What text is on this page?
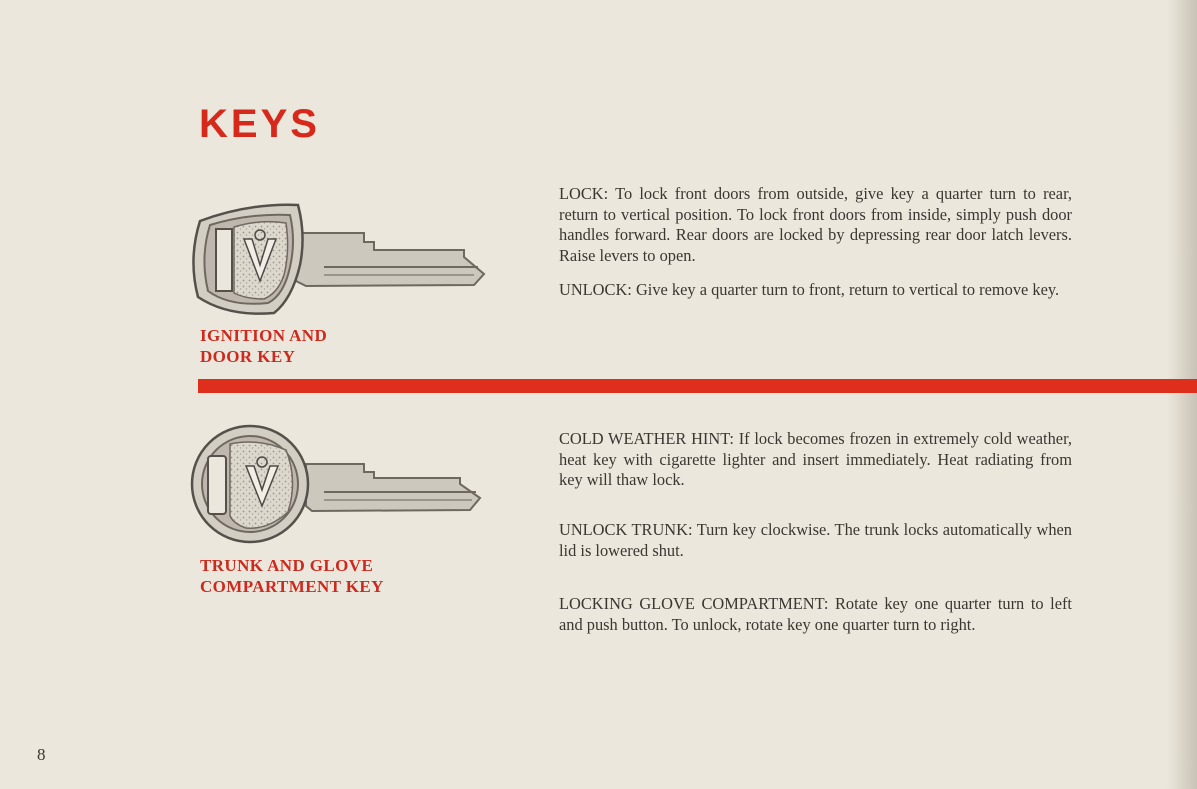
KEYS
IGNITION AND
DOOR KEY
TRUNK AND GLOVE
COMPARTMENT KEY

LOCK: To lock front doors from outside, give key a quarter turn to rear, return to vertical position. To lock front doors from inside, simply push door handles forward. Rear doors are locked by depressing rear door latch levers. Raise levers to open.

UNLOCK: Give key a quarter turn to front, return to vertical to remove key.

COLD WEATHER HINT: If lock becomes frozen in extremely cold weather, heat key with cigarette lighter and insert immediately. Heat radiating from key will thaw lock.

UNLOCK TRUNK: Turn key clockwise. The trunk locks automatically when lid is lowered shut.

LOCKING GLOVE COMPARTMENT: Rotate key one quarter turn to left and push button. To unlock, rotate key one quarter turn to right.

8
